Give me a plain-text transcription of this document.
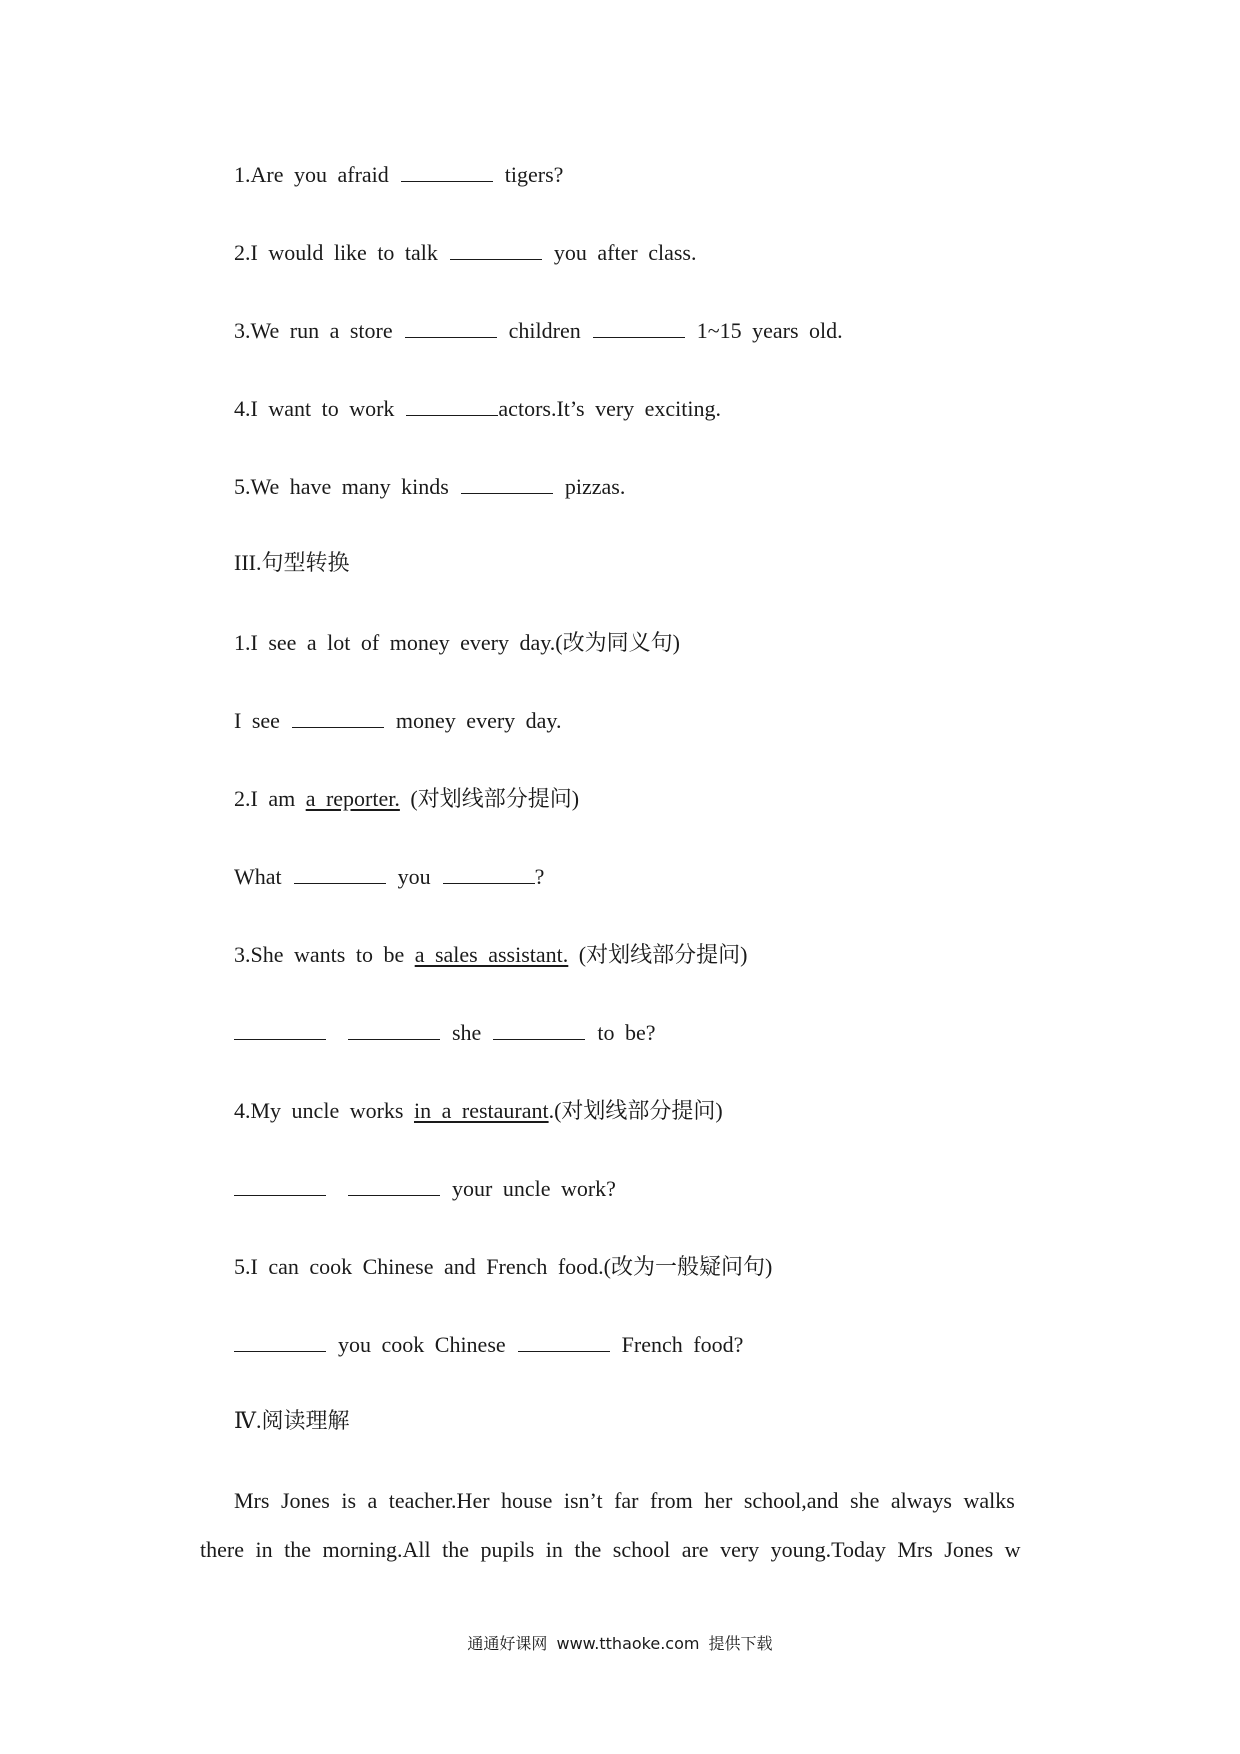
1.Are you afraid	tigers?
2.I would like to talk	you after class.
3.We run a store	children	1~15 years old.
4.I want to work	actors.It’s very exciting.
5.We have many kinds	pizzas.
III.句型转换
1.I see a lot of money every day.(改为同义句)
I see	money every day.
2.I am a reporter. (对划线部分提问)
What	you	?
3.She wants to be a sales assistant. (对划线部分提问)
she	to be?
4.My uncle works in a restaurant.(对划线部分提问)
your uncle work?
5.I can cook Chinese and French food.(改为一般疑问句)
you cook Chinese	French food?
Ⅳ.阅读理解
Mrs Jones is a teacher.Her house isn’t far from her school,and she always walks
there in the morning.All the pupils in the school are very young.Today Mrs Jones w
通通好课网 www.tthaoke.com 提供下载
